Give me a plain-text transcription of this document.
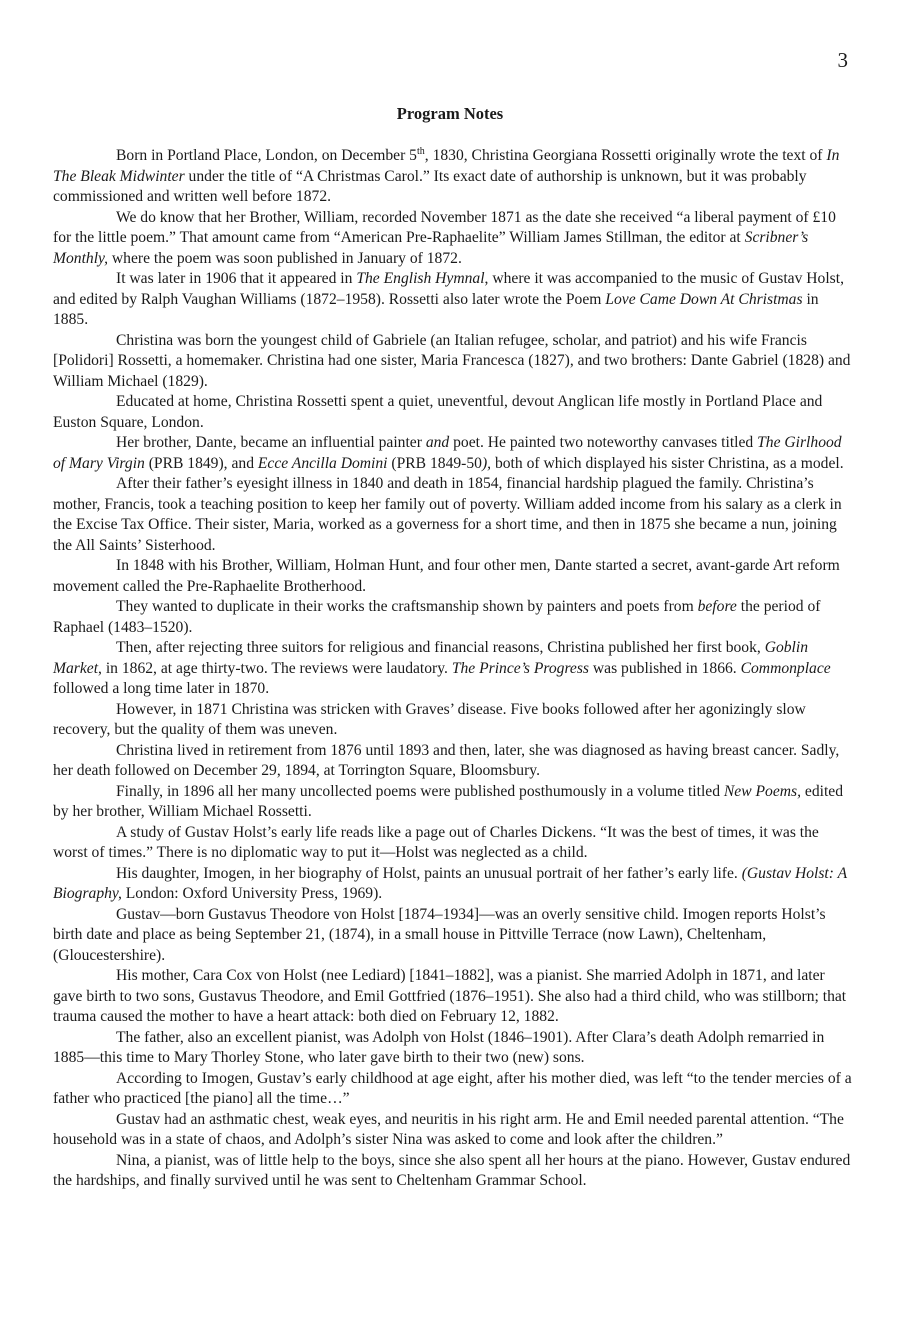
3
Program Notes

Born in Portland Place, London, on December 5th, 1830, Christina Georgiana Rossetti originally wrote the text of In The Bleak Midwinter under the title of “A Christmas Carol.” Its exact date of authorship is unknown, but it was probably commissioned and written well before 1872.

We do know that her Brother, William, recorded November 1871 as the date she received “a liberal payment of £10 for the little poem.” That amount came from “American Pre-Raphaelite” William James Stillman, the editor at Scribner’s Monthly, where the poem was soon published in January of 1872.

It was later in 1906 that it appeared in The English Hymnal, where it was accompanied to the music of Gustav Holst, and edited by Ralph Vaughan Williams (1872–1958). Rossetti also later wrote the Poem Love Came Down At Christmas in 1885.

Christina was born the youngest child of Gabriele (an Italian refugee, scholar, and patriot) and his wife Francis [Polidori] Rossetti, a homemaker. Christina had one sister, Maria Francesca (1827), and two brothers: Dante Gabriel (1828) and William Michael (1829).

Educated at home, Christina Rossetti spent a quiet, uneventful, devout Anglican life mostly in Portland Place and Euston Square, London.

Her brother, Dante, became an influential painter and poet. He painted two noteworthy canvases titled The Girlhood of Mary Virgin (PRB 1849), and Ecce Ancilla Domini (PRB 1849-50), both of which displayed his sister Christina, as a model.

After their father’s eyesight illness in 1840 and death in 1854, financial hardship plagued the family. Christina’s mother, Francis, took a teaching position to keep her family out of poverty. William added income from his salary as a clerk in the Excise Tax Office. Their sister, Maria, worked as a governess for a short time, and then in 1875 she became a nun, joining the All Saints’ Sisterhood.

In 1848 with his Brother, William, Holman Hunt, and four other men, Dante started a secret, avant-garde Art reform movement called the Pre-Raphaelite Brotherhood.

They wanted to duplicate in their works the craftsmanship shown by painters and poets from before the period of Raphael (1483–1520).

Then, after rejecting three suitors for religious and financial reasons, Christina published her first book, Goblin Market, in 1862, at age thirty-two. The reviews were laudatory. The Prince’s Progress was published in 1866. Commonplace followed a long time later in 1870.

However, in 1871 Christina was stricken with Graves’ disease. Five books followed after her agonizingly slow recovery, but the quality of them was uneven.

Christina lived in retirement from 1876 until 1893 and then, later, she was diagnosed as having breast cancer. Sadly, her death followed on December 29, 1894, at Torrington Square, Bloomsbury.

Finally, in 1896 all her many uncollected poems were published posthumously in a volume titled New Poems, edited by her brother, William Michael Rossetti.

A study of Gustav Holst’s early life reads like a page out of Charles Dickens. “It was the best of times, it was the worst of times.” There is no diplomatic way to put it—Holst was neglected as a child.

His daughter, Imogen, in her biography of Holst, paints an unusual portrait of her father’s early life. (Gustav Holst: A Biography, London: Oxford University Press, 1969).

Gustav—born Gustavus Theodore von Holst [1874–1934]—was an overly sensitive child. Imogen reports Holst’s birth date and place as being September 21, (1874), in a small house in Pittville Terrace (now Lawn), Cheltenham, (Gloucestershire).

His mother, Cara Cox von Holst (nee Lediard) [1841–1882], was a pianist. She married Adolph in 1871, and later gave birth to two sons, Gustavus Theodore, and Emil Gottfried (1876–1951). She also had a third child, who was stillborn; that trauma caused the mother to have a heart attack: both died on February 12, 1882.

The father, also an excellent pianist, was Adolph von Holst (1846–1901). After Clara’s death Adolph remarried in 1885—this time to Mary Thorley Stone, who later gave birth to their two (new) sons.

According to Imogen, Gustav’s early childhood at age eight, after his mother died, was left “to the tender mercies of a father who practiced [the piano] all the time…”

Gustav had an asthmatic chest, weak eyes, and neuritis in his right arm. He and Emil needed parental attention. “The household was in a state of chaos, and Adolph’s sister Nina was asked to come and look after the children.”

Nina, a pianist, was of little help to the boys, since she also spent all her hours at the piano. However, Gustav endured the hardships, and finally survived until he was sent to Cheltenham Grammar School.
